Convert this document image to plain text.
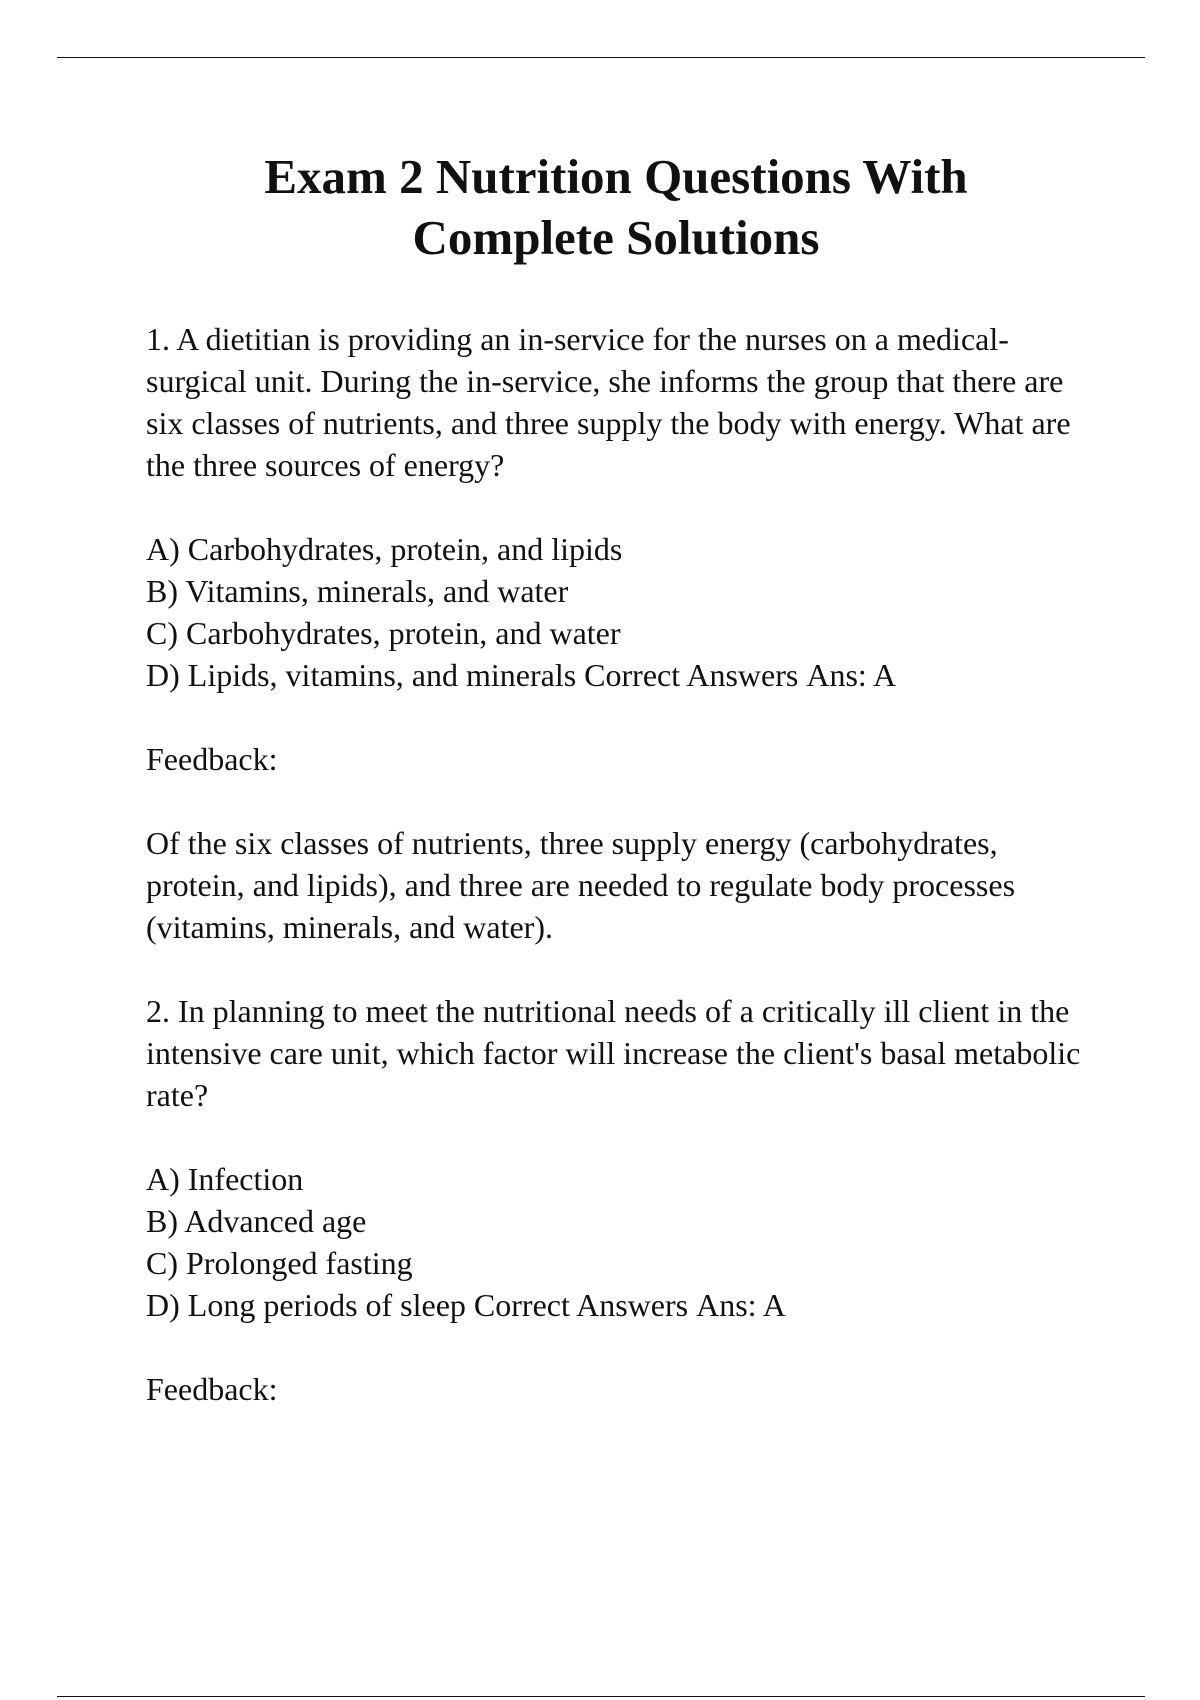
Exam 2 Nutrition Questions With
Complete Solutions

1. A dietitian is providing an in-service for the nurses on a medical-surgical unit. During the in-service, she informs the group that there are six classes of nutrients, and three supply the body with energy. What are the three sources of energy?

A) Carbohydrates, protein, and lipids
B) Vitamins, minerals, and water
C) Carbohydrates, protein, and water
D) Lipids, vitamins, and minerals Correct Answers Ans: A

Feedback:

Of the six classes of nutrients, three supply energy (carbohydrates, protein, and lipids), and three are needed to regulate body processes (vitamins, minerals, and water).

2. In planning to meet the nutritional needs of a critically ill client in the intensive care unit, which factor will increase the client's basal metabolic rate?

A) Infection
B) Advanced age
C) Prolonged fasting
D) Long periods of sleep Correct Answers Ans: A

Feedback:
